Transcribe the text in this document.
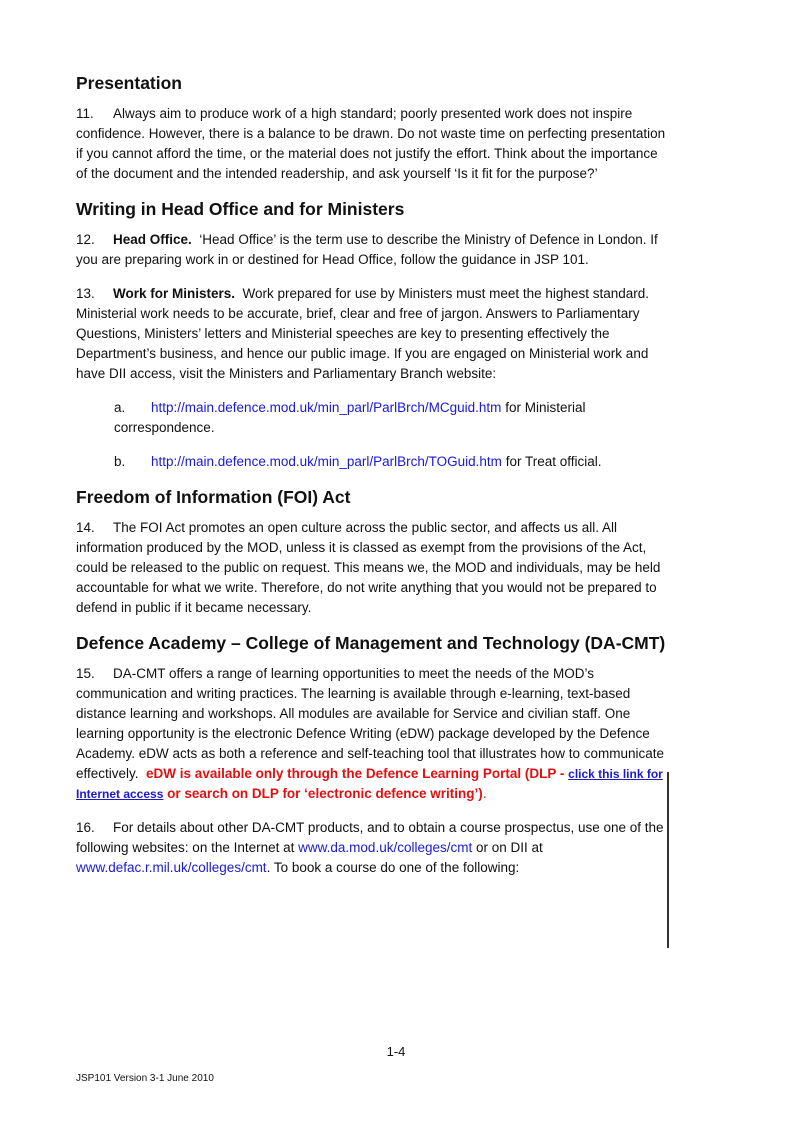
Presentation

11. Always aim to produce work of a high standard; poorly presented work does not inspire confidence. However, there is a balance to be drawn. Do not waste time on perfecting presentation if you cannot afford the time, or the material does not justify the effort. Think about the importance of the document and the intended readership, and ask yourself ‘Is it fit for the purpose?’

Writing in Head Office and for Ministers

12. Head Office. ‘Head Office’ is the term use to describe the Ministry of Defence in London. If you are preparing work in or destined for Head Office, follow the guidance in JSP 101.

13. Work for Ministers. Work prepared for use by Ministers must meet the highest standard. Ministerial work needs to be accurate, brief, clear and free of jargon. Answers to Parliamentary Questions, Ministers’ letters and Ministerial speeches are key to presenting effectively the Department’s business, and hence our public image. If you are engaged on Ministerial work and have DII access, visit the Ministers and Parliamentary Branch website:

a. http://main.defence.mod.uk/min_parl/ParlBrch/MCguid.htm for Ministerial correspondence.

b. http://main.defence.mod.uk/min_parl/ParlBrch/TOGuid.htm for Treat official.

Freedom of Information (FOI) Act

14. The FOI Act promotes an open culture across the public sector, and affects us all. All information produced by the MOD, unless it is classed as exempt from the provisions of the Act, could be released to the public on request. This means we, the MOD and individuals, may be held accountable for what we write. Therefore, do not write anything that you would not be prepared to defend in public if it became necessary.

Defence Academy – College of Management and Technology (DA-CMT)

15. DA-CMT offers a range of learning opportunities to meet the needs of the MOD’s communication and writing practices. The learning is available through e-learning, text-based distance learning and workshops. All modules are available for Service and civilian staff. One learning opportunity is the electronic Defence Writing (eDW) package developed by the Defence Academy. eDW acts as both a reference and self-teaching tool that illustrates how to communicate effectively. eDW is available only through the Defence Learning Portal (DLP - click this link for Internet access or search on DLP for ‘electronic defence writing’).

16. For details about other DA-CMT products, and to obtain a course prospectus, use one of the following websites: on the Internet at www.da.mod.uk/colleges/cmt or on DII at www.defac.r.mil.uk/colleges/cmt. To book a course do one of the following:

1-4
JSP101 Version 3-1 June 2010
